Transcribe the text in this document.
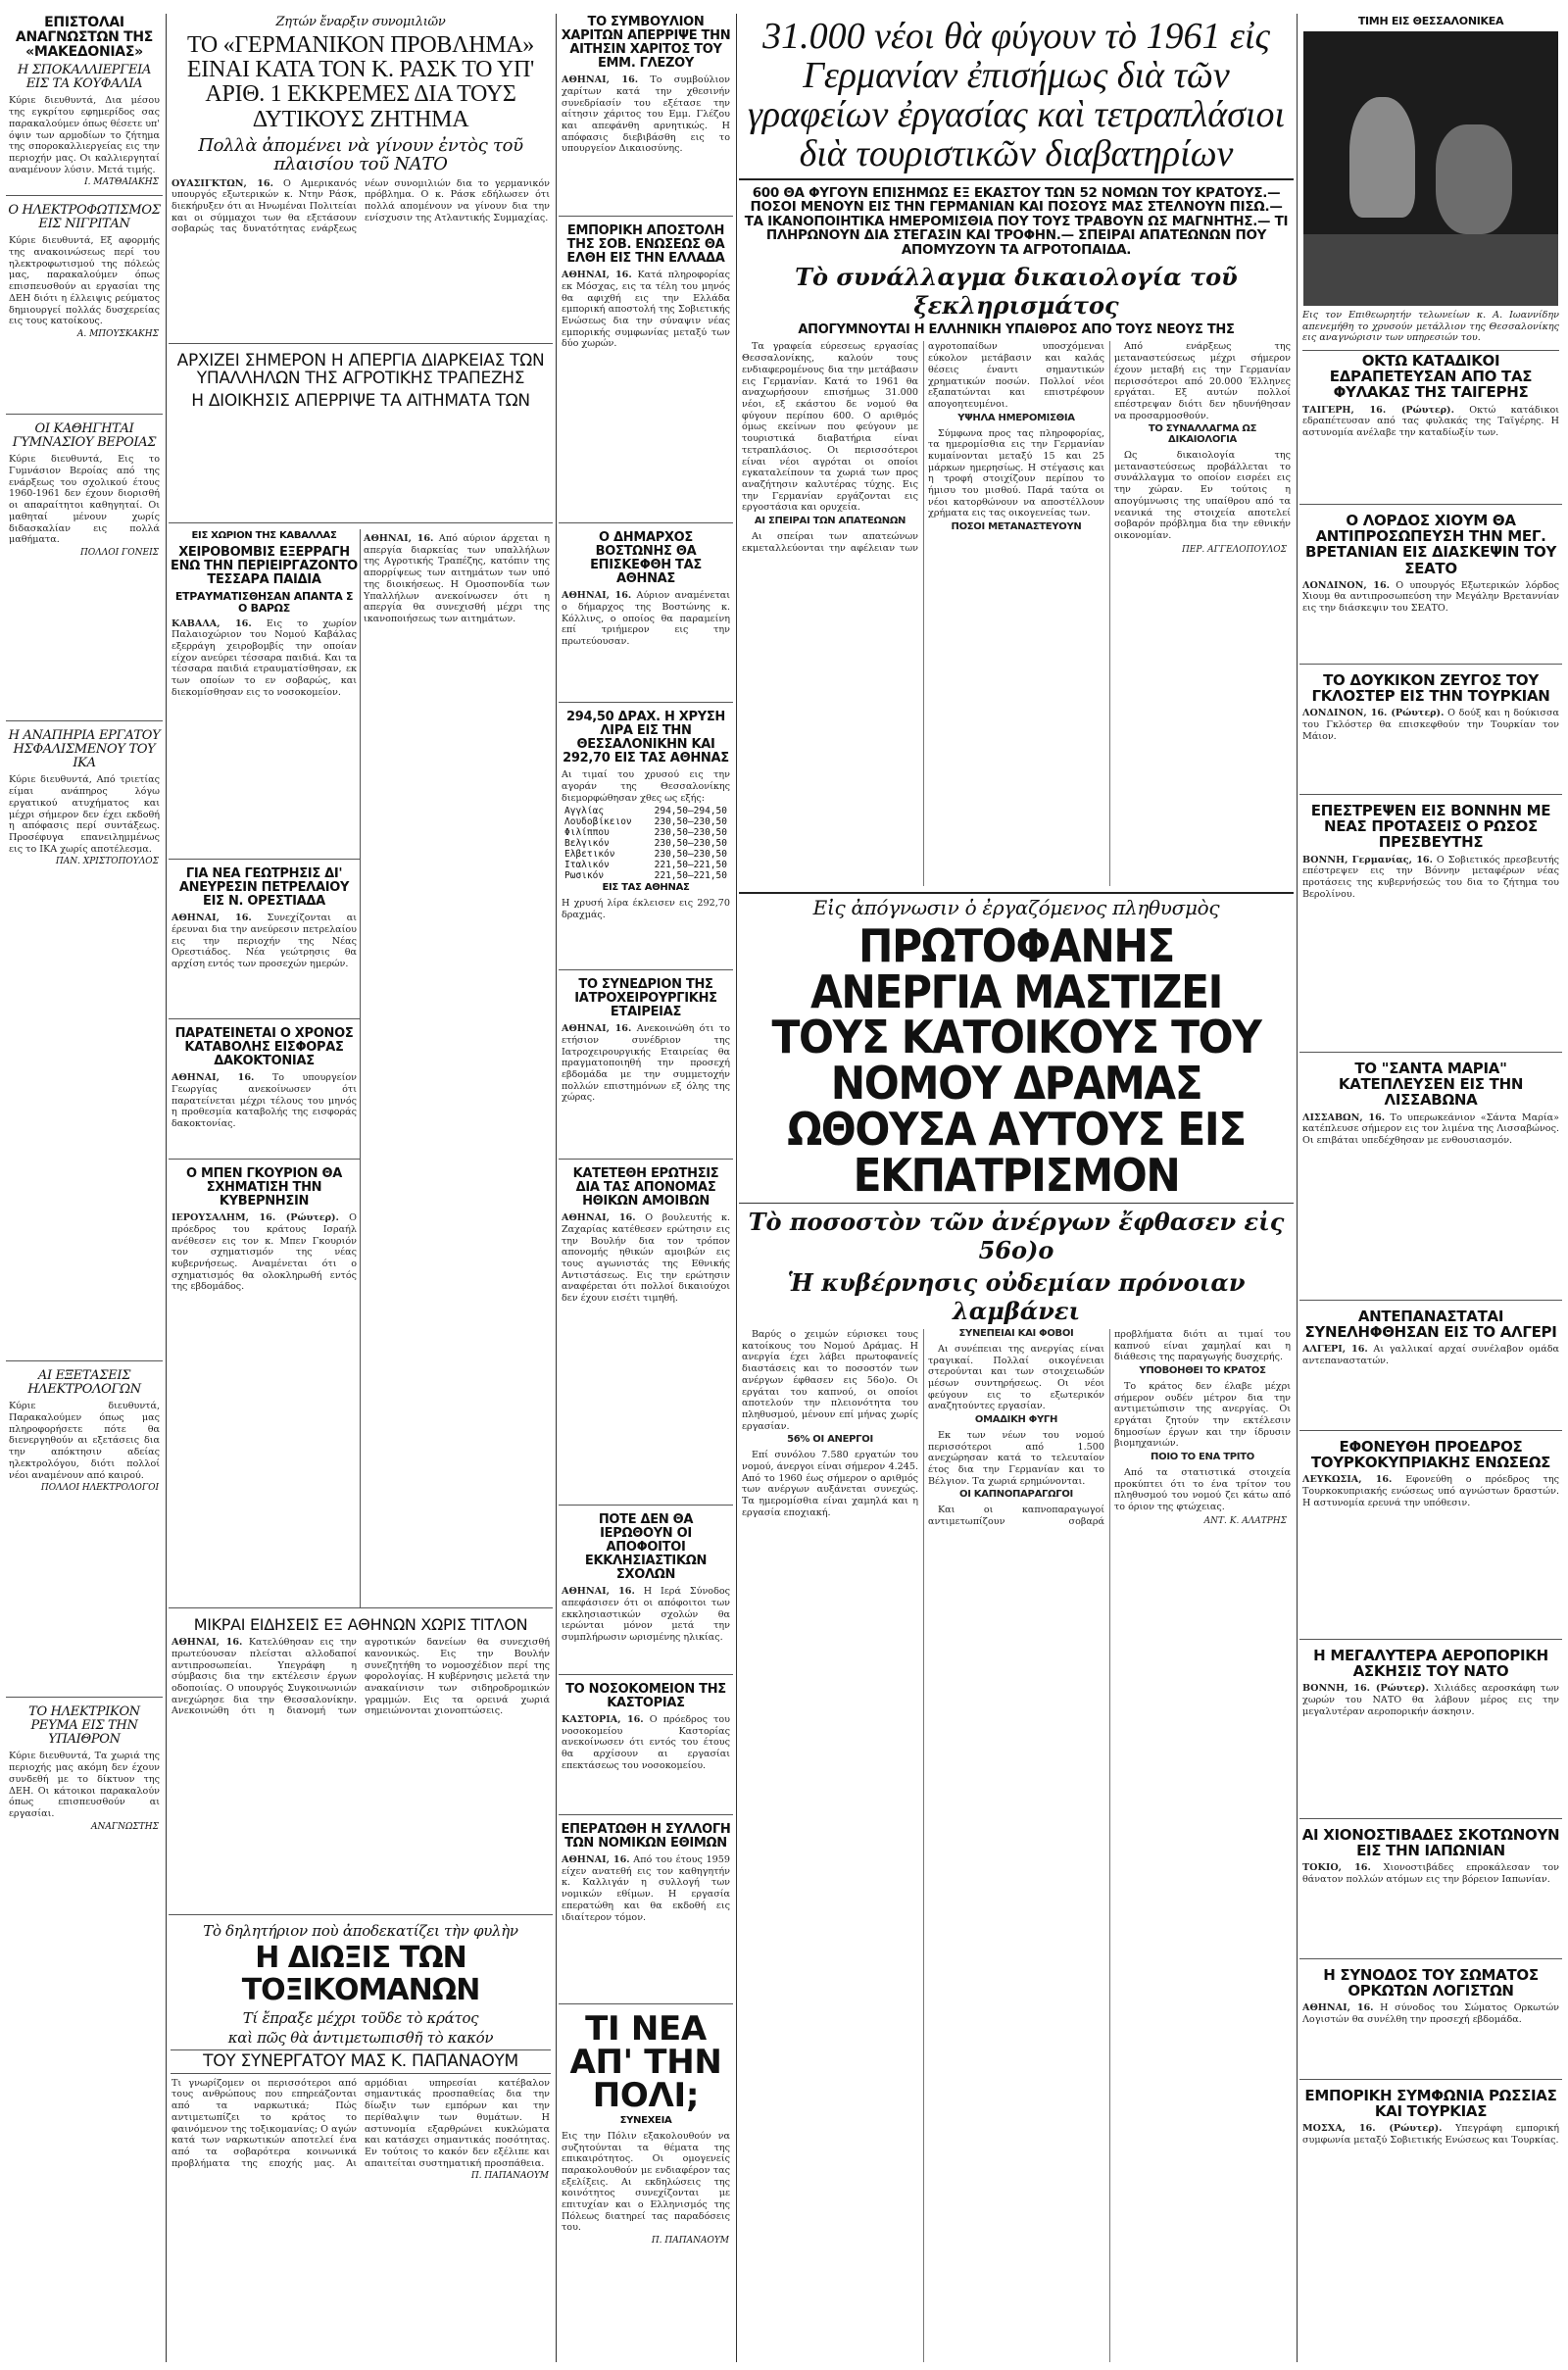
ΕΠΙΣΤΟΛΑΙ ΑΝΑΓΝΩΣΤΩΝ ΤΗΣ «ΜΑΚΕΔΟΝΙΑΣ»
Η ΣΠΟΚΑΛΛΙΕΡΓΕΙΑ ΕΙΣ ΤΑ ΚΟΥΦΑΛΙΑ
Κύριε διευθυντά, Δια μέσου της εγκρίτου εφημερίδος σας παρακαλούμεν όπως θέσετε υπ' όψιν των αρμοδίων το ζήτημα της σποροκαλλιεργείας εις την περιοχήν μας. Οι καλλιεργηταί αναμένουν λύσιν. Μετά τιμής.
Ι. ΜΑΤΘΑΙΑΚΗΣ
Ο ΗΛΕΚΤΡΟΦΩΤΙΣΜΟΣ ΕΙΣ ΝΙΓΡΙΤΑΝ
Κύριε διευθυντά, Εξ αφορμής της ανακοινώσεως περί του ηλεκτροφωτισμού της πόλεώς μας, παρακαλούμεν όπως επισπευσθούν αι εργασίαι της ΔΕΗ διότι η έλλειψις ρεύματος δημιουργεί πολλάς δυσχερείας εις τους κατοίκους.
Α. ΜΠΟΥΣΚΑΚΗΣ
ΟΙ ΚΑΘΗΓΗΤΑΙ ΓΥΜΝΑΣΙΟΥ ΒΕΡΟΙΑΣ
Κύριε διευθυντά, Εις το Γυμνάσιον Βεροίας από της ενάρξεως του σχολικού έτους 1960-1961 δεν έχουν διορισθή οι απαραίτητοι καθηγηταί. Οι μαθηταί μένουν χωρίς διδασκαλίαν εις πολλά μαθήματα.
ΠΟΛΛΟΙ ΓΟΝΕΙΣ
Η ΑΝΑΠΗΡΙΑ ΕΡΓΑΤΟΥ ΗΣΦΑΛΙΣΜΕΝΟΥ ΤΟΥ ΙΚΑ
Κύριε διευθυντά, Από τριετίας είμαι ανάπηρος λόγω εργατικού ατυχήματος και μέχρι σήμερον δεν έχει εκδοθή η απόφασις περί συντάξεως. Προσέφυγα επανειλημμένως εις το ΙΚΑ χωρίς αποτέλεσμα.
ΠΑΝ. ΧΡΙΣΤΟΠΟΥΛΟΣ
ΑΙ ΕΞΕΤΑΣΕΙΣ ΗΛΕΚΤΡΟΛΟΓΩΝ
Κύριε διευθυντά, Παρακαλούμεν όπως μας πληροφορήσετε πότε θα διενεργηθούν αι εξετάσεις δια την απόκτησιν αδείας ηλεκτρολόγου, διότι πολλοί νέοι αναμένουν από καιρού.
ΠΟΛΛΟΙ ΗΛΕΚΤΡΟΛΟΓΟΙ
ΤΟ ΗΛΕΚΤΡΙΚΟΝ ΡΕΥΜΑ ΕΙΣ ΤΗΝ ΥΠΑΙΘΡΟΝ
Κύριε διευθυντά, Τα χωριά της περιοχής μας ακόμη δεν έχουν συνδεθή με το δίκτυον της ΔΕΗ. Οι κάτοικοι παρακαλούν όπως επισπευσθούν αι εργασίαι.
ΑΝΑΓΝΩΣΤΗΣ
Ζητών ἔναρξιν συνομιλιῶν
ΤΟ «ΓΕΡΜΑΝΙΚΟΝ ΠΡΟΒΛΗΜΑ» ΕΙΝΑΙ ΚΑΤΑ ΤΟΝ Κ. ΡΑΣΚ ΤΟ ΥΠ' ΑΡΙΘ. 1 ΕΚΚΡΕΜΕΣ ΔΙΑ ΤΟΥΣ ΔΥΤΙΚΟΥΣ ΖΗΤΗΜΑ
Πολλὰ ἀπομένει νὰ γίνουν ἐντὸς τοῦ πλαισίου τοῦ ΝΑΤΟ
ΟΥΑΣΙΓΚΤΩΝ, 16. Ο Αμερικανός υπουργός εξωτερικών κ. Ντην Ράσκ, διεκήρυξεν ότι αι Ηνωμέναι Πολιτείαι και οι σύμμαχοι των θα εξετάσουν σοβαρώς τας δυνατότητας ενάρξεως νέων συνομιλιών δια το γερμανικόν πρόβλημα. Ο κ. Ράσκ εδήλωσεν ότι πολλά απομένουν να γίνουν δια την ενίσχυσιν της Ατλαντικής Συμμαχίας.
ΑΡΧΙΖΕΙ ΣΗΜΕΡΟΝ Η ΑΠΕΡΓΙΑ ΔΙΑΡΚΕΙΑΣ ΤΩΝ ΥΠΑΛΛΗΛΩΝ ΤΗΣ ΑΓΡΟΤΙΚΗΣ ΤΡΑΠΕΖΗΣ
Η ΔΙΟΙΚΗΣΙΣ ΑΠΕΡΡΙΨΕ ΤΑ ΑΙΤΗΜΑΤΑ ΤΩΝ
ΕΙΣ ΧΩΡΙΟΝ ΤΗΣ ΚΑΒΑΛΛΑΣ
ΧΕΙΡΟΒΟΜΒΙΣ ΕΞΕΡΡΑΓΗ ΕΝΩ ΤΗΝ ΠΕΡΙΕΙΡΓΑΖΟΝΤΟ ΤΕΣΣΑΡΑ ΠΑΙΔΙΑ
ΕΤΡΑΥΜΑΤΙΣΘΗΣΑΝ ΑΠΑΝΤΑ Σ Ο ΒΑΡΩΣ
ΚΑΒΑΛΑ, 16. Εις το χωρίον Παλαιοχώριον του Νομού Καβάλας εξερράγη χειροβομβίς την οποίαν είχον ανεύρει τέσσαρα παιδιά. Και τα τέσσαρα παιδιά ετραυματίσθησαν, εκ των οποίων το εν σοβαρώς, και διεκομίσθησαν εις το νοσοκομείον.
ΓΙΑ ΝΕΑ ΓΕΩΤΡΗΣΙΣ ΔΙ' ΑΝΕΥΡΕΣΙΝ ΠΕΤΡΕΛΑΙΟΥ ΕΙΣ Ν. ΟΡΕΣΤΙΑΔΑ
ΑΘΗΝΑΙ, 16. Συνεχίζονται αι έρευναι δια την ανεύρεσιν πετρελαίου εις την περιοχήν της Νέας Ορεστιάδος. Νέα γεώτρησις θα αρχίση εντός των προσεχών ημερών.
ΠΑΡΑΤΕΙΝΕΤΑΙ Ο ΧΡΟΝΟΣ ΚΑΤΑΒΟΛΗΣ ΕΙΣΦΟΡΑΣ ΔΑΚΟΚΤΟΝΙΑΣ
ΑΘΗΝΑΙ, 16. Το υπουργείον Γεωργίας ανεκοίνωσεν ότι παρατείνεται μέχρι τέλους του μηνός η προθεσμία καταβολής της εισφοράς δακοκτονίας.
Ο ΜΠΕΝ ΓΚΟΥΡΙΟΝ ΘΑ ΣΧΗΜΑΤΙΣΗ ΤΗΝ ΚΥΒΕΡΝΗΣΙΝ
ΙΕΡΟΥΣΑΛΗΜ, 16. (Ρώυτερ). Ο πρόεδρος του κράτους Ισραήλ ανέθεσεν εις τον κ. Μπεν Γκουριόν τον σχηματισμόν της νέας κυβερνήσεως. Αναμένεται ότι ο σχηματισμός θα ολοκληρωθή εντός της εβδομάδος.
ΑΘΗΝΑΙ, 16. Από αύριον άρχεται η απεργία διαρκείας των υπαλλήλων της Αγροτικής Τραπέζης, κατόπιν της απορρίψεως των αιτημάτων των υπό της διοικήσεως. Η Ομοσπονδία των Υπαλλήλων ανεκοίνωσεν ότι η απεργία θα συνεχισθή μέχρι της ικανοποιήσεως των αιτημάτων.
ΜΙΚΡΑΙ ΕΙΔΗΣΕΙΣ ΕΞ ΑΘΗΝΩΝ ΧΩΡΙΣ ΤΙΤΛΟΝ
ΑΘΗΝΑΙ, 16. Κατελύθησαν εις την πρωτεύουσαν πλείσται αλλοδαποί αντιπροσωπείαι. Υπεγράφη η σύμβασις δια την εκτέλεσιν έργων οδοποιίας. Ο υπουργός Συγκοινωνιών ανεχώρησε δια την Θεσσαλονίκην. Ανεκοινώθη ότι η διανομή των αγροτικών δανείων θα συνεχισθή κανονικώς. Εις την Βουλήν συνεζητήθη το νομοσχέδιον περί της φορολογίας. Η κυβέρνησις μελετά την ανακαίνισιν των σιδηροδρομικών γραμμών. Εις τα ορεινά χωριά σημειώνονται χιονοπτώσεις.
Τὸ δηλητήριον ποὺ ἀποδεκατίζει τὴν φυλὴν
Η ΔΙΩΞΙΣ ΤΩΝ ΤΟΞΙΚΟΜΑΝΩΝ
Τί ἔπραξε μέχρι τοῦδε τὸ κράτος
καὶ πῶς θὰ ἀντιμετωπισθῆ τὸ κακόν
ΤΟΥ ΣΥΝΕΡΓΑΤΟΥ ΜΑΣ Κ. ΠΑΠΑΝΑΟΥΜ
Τι γνωρίζομεν οι περισσότεροι από τους ανθρώπους που επηρεάζονται από τα ναρκωτικά; Πώς αντιμετωπίζει το κράτος το φαινόμενον της τοξικομανίας; Ο αγών κατά των ναρκωτικών αποτελεί ένα από τα σοβαρότερα κοινωνικά προβλήματα της εποχής μας. Αι αρμόδιαι υπηρεσίαι κατέβαλον σημαντικάς προσπαθείας δια την δίωξιν των εμπόρων και την περίθαλψιν των θυμάτων. Η αστυνομία εξαρθρώνει κυκλώματα και κατάσχει σημαντικάς ποσότητας. Εν τούτοις το κακόν δεν εξέλιπε και απαιτείται συστηματική προσπάθεια.
Π. ΠΑΠΑΝΑΟΥΜ
ΤΟ ΣΥΜΒΟΥΛΙΟΝ ΧΑΡΙΤΩΝ ΑΠΕΡΡΙΨΕ ΤΗΝ ΑΙΤΗΣΙΝ ΧΑΡΙΤΟΣ ΤΟΥ ΕΜΜ. ΓΛΕΖΟΥ
ΑΘΗΝΑΙ, 16. Το συμβούλιον χαρίτων κατά την χθεσινήν συνεδρίασίν του εξέτασε την αίτησιν χάριτος του Εμμ. Γλέζου και απεφάνθη αρνητικώς. Η απόφασις διεβιβάσθη εις το υπουργείον Δικαιοσύνης.
ΕΜΠΟΡΙΚΗ ΑΠΟΣΤΟΛΗ ΤΗΣ ΣΟΒ. ΕΝΩΣΕΩΣ ΘΑ ΕΛΘΗ ΕΙΣ ΤΗΝ ΕΛΛΑΔΑ
ΑΘΗΝΑΙ, 16. Κατά πληροφορίας εκ Μόσχας, εις τα τέλη του μηνός θα αφιχθή εις την Ελλάδα εμπορική αποστολή της Σοβιετικής Ενώσεως δια την σύναψιν νέας εμπορικής συμφωνίας μεταξύ των δύο χωρών.
Ο ΔΗΜΑΡΧΟΣ ΒΟΣΤΩΝΗΣ ΘΑ ΕΠΙΣΚΕΦΘΗ ΤΑΣ ΑΘΗΝΑΣ
ΑΘΗΝΑΙ, 16. Αύριον αναμένεται ο δήμαρχος της Βοστώνης κ. Κόλλινς, ο οποίος θα παραμείνη επί τριήμερον εις την πρωτεύουσαν.
294,50 ΔΡΑΧ. Η ΧΡΥΣΗ ΛΙΡΑ ΕΙΣ ΤΗΝ ΘΕΣΣΑΛΟΝΙΚΗΝ ΚΑΙ 292,70 ΕΙΣ ΤΑΣ ΑΘΗΝΑΣ
Αι τιμαί του χρυσού εις την αγοράν της Θεσσαλονίκης διεμορφώθησαν χθες ως εξής:
Αγγλίας	294,50—294,50
Λουδοβίκειον 230,50—230,50
Φιλίππου	230,50—230,50
Βελγικόν	230,50—230,50
Ελβετικόν	230,50—230,50
Ιταλικόν	221,50—221,50
Ρωσικόν	221,50—221,50
ΕΙΣ ΤΑΣ ΑΘΗΝΑΣ
Η χρυσή λίρα έκλεισεν εις 292,70 δραχμάς.
ΤΟ ΣΥΝΕΔΡΙΟΝ ΤΗΣ ΙΑΤΡΟΧΕΙΡΟΥΡΓΙΚΗΣ ΕΤΑΙΡΕΙΑΣ
ΑΘΗΝΑΙ, 16. Ανεκοινώθη ότι το ετήσιον συνέδριον της Ιατροχειρουργικής Εταιρείας θα πραγματοποιηθή την προσεχή εβδομάδα με την συμμετοχήν πολλών επιστημόνων εξ όλης της χώρας.
ΚΑΤΕΤΕΘΗ ΕΡΩΤΗΣΙΣ ΔΙΑ ΤΑΣ ΑΠΟΝΟΜΑΣ ΗΘΙΚΩΝ ΑΜΟΙΒΩΝ
ΑΘΗΝΑΙ, 16. Ο βουλευτής κ. Ζαχαρίας κατέθεσεν ερώτησιν εις την Βουλήν δια τον τρόπον απονομής ηθικών αμοιβών εις τους αγωνιστάς της Εθνικής Αντιστάσεως. Εις την ερώτησιν αναφέρεται ότι πολλοί δικαιούχοι δεν έχουν εισέτι τιμηθή.
ΠΟΤΕ ΔΕΝ ΘΑ ΙΕΡΩΘΟΥΝ ΟΙ ΑΠΟΦΟΙΤΟΙ ΕΚΚΛΗΣΙΑΣΤΙΚΩΝ ΣΧΟΛΩΝ
ΑΘΗΝΑΙ, 16. Η Ιερά Σύνοδος απεφάσισεν ότι οι απόφοιτοι των εκκλησιαστικών σχολών θα ιερώνται μόνον μετά την συμπλήρωσιν ωρισμένης ηλικίας.
ΤΟ ΝΟΣΟΚΟΜΕΙΟΝ ΤΗΣ ΚΑΣΤΟΡΙΑΣ
ΚΑΣΤΟΡΙΑ, 16. Ο πρόεδρος του νοσοκομείου Καστορίας ανεκοίνωσεν ότι εντός του έτους θα αρχίσουν αι εργασίαι επεκτάσεως του νοσοκομείου.
ΕΠΕΡΑΤΩΘΗ Η ΣΥΛΛΟΓΗ ΤΩΝ ΝΟΜΙΚΩΝ ΕΘΙΜΩΝ
ΑΘΗΝΑΙ, 16. Από του έτους 1959 είχεν ανατεθή εις τον καθηγητήν κ. Καλλιγάν η συλλογή των νομικών εθίμων. Η εργασία επερατώθη και θα εκδοθή εις ιδιαίτερον τόμον.
ΤΙ ΝΕΑ ΑΠ' ΤΗΝ ΠΟΛΙ;
ΣΥΝΕΧΕΙΑ
Εις την Πόλιν εξακολουθούν να συζητούνται τα θέματα της επικαιρότητος. Οι ομογενείς παρακολουθούν με ενδιαφέρον τας εξελίξεις. Αι εκδηλώσεις της κοινότητος συνεχίζονται με επιτυχίαν και ο Ελληνισμός της Πόλεως διατηρεί τας παραδόσεις του.
Π. ΠΑΠΑΝΑΟΥΜ
31.000 νέοι θὰ φύγουν τὸ 1961 εἰς Γερμανίαν ἐπισήμως διὰ τῶν γραφείων ἐργασίας καὶ τετραπλάσιοι διὰ τουριστικῶν διαβατηρίων
600 ΘΑ ΦΥΓΟΥΝ ΕΠΙΣΗΜΩΣ ΕΞ ΕΚΑΣΤΟΥ ΤΩΝ 52 ΝΟΜΩΝ ΤΟΥ ΚΡΑΤΟΥΣ.— ΠΟΣΟΙ ΜΕΝΟΥΝ ΕΙΣ ΤΗΝ ΓΕΡΜΑΝΙΑΝ ΚΑΙ ΠΟΣΟΥΣ ΜΑΣ ΣΤΕΛΝΟΥΝ ΠΙΣΩ.— ΤΑ ΙΚΑΝΟΠΟΙΗΤΙΚΑ ΗΜΕΡΟΜΙΣΘΙΑ ΠΟΥ ΤΟΥΣ ΤΡΑΒΟΥΝ ΩΣ ΜΑΓΝΗΤΗΣ.— ΤΙ ΠΛΗΡΩΝΟΥΝ ΔΙΑ ΣΤΕΓΑΣΙΝ ΚΑΙ ΤΡΟΦΗΝ.— ΣΠΕΙΡΑΙ ΑΠΑΤΕΩΝΩΝ ΠΟΥ ΑΠΟΜΥΖΟΥΝ ΤΑ ΑΓΡΟΤΟΠΑΙΔΑ.
Τὸ συνάλλαγμα δικαιολογία τοῦ ξεκληρισμάτος
ΑΠΟΓΥΜΝΟΥΤΑΙ Η ΕΛΛΗΝΙΚΗ ΥΠΑΙΘΡΟΣ ΑΠΟ ΤΟΥΣ ΝΕΟΥΣ ΤΗΣ

Τα γραφεία εύρεσεως εργασίας Θεσσαλονίκης, καλούν τους ενδιαφερομένους δια την μετάβασιν εις Γερμανίαν. Κατά το 1961 θα αναχωρήσουν επισήμως 31.000 νέοι, εξ εκάστου δε νομού θα φύγουν περίπου 600. Ο αριθμός όμως εκείνων που φεύγουν με τουριστικά διαβατήρια είναι τετραπλάσιος. Οι περισσότεροι είναι νέοι αγρόται οι οποίοι εγκαταλείπουν τα χωριά των προς αναζήτησιν καλυτέρας τύχης. Εις την Γερμανίαν εργάζονται εις εργοστάσια και ορυχεία.

ΑΙ ΣΠΕΙΡΑΙ ΤΩΝ ΑΠΑΤΕΩΝΩΝ

Αι σπείραι των απατεώνων εκμεταλλεύονται την αφέλειαν των αγροτοπαίδων υποσχόμεναι εύκολον μετάβασιν και καλάς θέσεις έναντι σημαντικών χρηματικών ποσών. Πολλοί νέοι εξαπατώνται και επιστρέφουν απογοητευμένοι.

ΥΨΗΛΑ ΗΜΕΡΟΜΙΣΘΙΑ

Σύμφωνα προς τας πληροφορίας, τα ημερομίσθια εις την Γερμανίαν κυμαίνονται μεταξύ 15 και 25 μάρκων ημερησίως. Η στέγασις και η τροφή στοιχίζουν περίπου το ήμισυ του μισθού. Παρά ταύτα οι νέοι κατορθώνουν να αποστέλλουν χρήματα εις τας οικογενείας των.

ΠΟΣΟΙ ΜΕΤΑΝΑΣΤΕΥΟΥΝ

Από ενάρξεως της μεταναστεύσεως μέχρι σήμερον έχουν μεταβή εις την Γερμανίαν περισσότεροι από 20.000 Έλληνες εργάται. Εξ αυτών πολλοί επέστρεψαν διότι δεν ηδυνήθησαν να προσαρμοσθούν.

ΤΟ ΣΥΝΑΛΛΑΓΜΑ ΩΣ ΔΙΚΑΙΟΛΟΓΙΑ

Ως δικαιολογία της μεταναστεύσεως προβάλλεται το συνάλλαγμα το οποίον εισρέει εις την χώραν. Εν τούτοις η απογύμνωσις της υπαίθρου από τα νεανικά της στοιχεία αποτελεί σοβαρόν πρόβλημα δια την εθνικήν οικονομίαν.

ΠΕΡ. ΑΓΓΕΛΟΠΟΥΛΟΣ
Εἰς ἀπόγνωσιν ὁ ἐργαζόμενος πληθυσμὸς
ΠΡΩΤΟΦΑΝΗΣ ΑΝΕΡΓΙΑ ΜΑΣΤΙΖΕΙ ΤΟΥΣ ΚΑΤΟΙΚΟΥΣ ΤΟΥ ΝΟΜΟΥ ΔΡΑΜΑΣ ΩΘΟΥΣΑ ΑΥΤΟΥΣ ΕΙΣ ΕΚΠΑΤΡΙΣΜΟΝ
Τὸ ποσοστὸν τῶν ἀνέργων ἔφθασεν εἰς 56ο)ο
Ἡ κυβέρνησις οὐδεμίαν πρόνοιαν λαμβάνει

Βαρύς ο χειμών εύρισκει τους κατοίκους του Νομού Δράμας. Η ανεργία έχει λάβει πρωτοφανείς διαστάσεις και το ποσοστόν των ανέργων έφθασεν εις 56ο)ο. Οι εργάται του καπνού, οι οποίοι αποτελούν την πλειονότητα του πληθυσμού, μένουν επί μήνας χωρίς εργασίαν.

56% ΟΙ ΑΝΕΡΓΟΙ

Επί συνόλου 7.580 εργατών του νομού, άνεργοι είναι σήμερον 4.245. Από το 1960 έως σήμερον ο αριθμός των ανέργων αυξάνεται συνεχώς. Τα ημερομίσθια είναι χαμηλά και η εργασία εποχιακή.

ΣΥΝΕΠΕΙΑΙ ΚΑΙ ΦΟΒΟΙ

Αι συνέπειαι της ανεργίας είναι τραγικαί. Πολλαί οικογένειαι στερούνται και των στοιχειωδών μέσων συντηρήσεως. Οι νέοι φεύγουν εις το εξωτερικόν αναζητούντες εργασίαν.

ΟΜΑΔΙΚΗ ΦΥΓΗ

Εκ των νέων του νομού περισσότεροι από 1.500 ανεχώρησαν κατά το τελευταίον έτος δια την Γερμανίαν και το Βέλγιον. Τα χωριά ερημώνονται.

ΟΙ ΚΑΠΝΟΠΑΡΑΓΩΓΟΙ

Και οι καπνοπαραγωγοί αντιμετωπίζουν σοβαρά προβλήματα διότι αι τιμαί του καπνού είναι χαμηλαί και η διάθεσις της παραγωγής δυσχερής.

ΥΠΟΒΟΗΘΕΙ ΤΟ ΚΡΑΤΟΣ

Το κράτος δεν έλαβε μέχρι σήμερον ουδέν μέτρον δια την αντιμετώπισιν της ανεργίας. Οι εργάται ζητούν την εκτέλεσιν δημοσίων έργων και την ίδρυσιν βιομηχανιών.

ΠΟΙΟ ΤΟ ΕΝΑ ΤΡΙΤΟ

Από τα στατιστικά στοιχεία προκύπτει ότι το ένα τρίτον του πληθυσμού του νομού ζει κάτω από το όριον της φτώχειας.

ΑΝΤ. Κ. ΑΛΑΤΡΗΣ
ΤΙΜΗ ΕΙΣ ΘΕΣΣΑΛΟΝΙΚΕΑ
Εις τον Επιθεωρητήν τελωνείων κ. Α. Ιωαννίδην απενεμήθη το χρυσούν μετάλλιον της Θεσσαλονίκης εις αναγνώρισιν των υπηρεσιών του.
ΟΚΤΩ ΚΑΤΑΔΙΚΟΙ ΕΔΡΑΠΕΤΕΥΣΑΝ ΑΠΟ ΤΑΣ ΦΥΛΑΚΑΣ ΤΗΣ ΤΑΙΓΕΡΗΣ
ΤΑΙΓΕΡΗ, 16. (Ρώυτερ). Οκτώ κατάδικοι εδραπέτευσαν από τας φυλακάς της Ταϊγέρης. Η αστυνομία ανέλαβε την καταδίωξίν των.
Ο ΛΟΡΔΟΣ ΧΙΟΥΜ ΘΑ ΑΝΤΙΠΡΟΣΩΠΕΥΣΗ ΤΗΝ ΜΕΓ. ΒΡΕΤΑΝΙΑΝ ΕΙΣ ΔΙΑΣΚΕΨΙΝ ΤΟΥ ΣΕΑΤΟ
ΛΟΝΔΙΝΟΝ, 16. Ο υπουργός Εξωτερικών λόρδος Χιουμ θα αντιπροσωπεύση την Μεγάλην Βρεταννίαν εις την διάσκεψιν του ΣΕΑΤΟ.
ΤΟ ΔΟΥΚΙΚΟΝ ΖΕΥΓΟΣ ΤΟΥ ΓΚΛΟΣΤΕΡ ΕΙΣ ΤΗΝ ΤΟΥΡΚΙΑΝ
ΛΟΝΔΙΝΟΝ, 16. (Ρώυτερ). Ο δούξ και η δούκισσα του Γκλόστερ θα επισκεφθούν την Τουρκίαν τον Μάιον.
ΕΠΕΣΤΡΕΨΕΝ ΕΙΣ ΒΟΝΝΗΝ ΜΕ ΝΕΑΣ ΠΡΟΤΑΣΕΙΣ Ο ΡΩΣΟΣ ΠΡΕΣΒΕΥΤΗΣ
ΒΟΝΝΗ, Γερμανίας, 16. Ο Σοβιετικός πρεσβευτής επέστρεψεν εις την Βόννην μεταφέρων νέας προτάσεις της κυβερνήσεώς του δια το ζήτημα του Βερολίνου.
ΤΟ "ΣΑΝΤΑ ΜΑΡΙΑ" ΚΑΤΕΠΛΕΥΣΕΝ ΕΙΣ ΤΗΝ ΛΙΣΣΑΒΩΝΑ
ΛΙΣΣΑΒΩΝ, 16. Το υπερωκεάνιον «Σάντα Μαρία» κατέπλευσε σήμερον εις τον λιμένα της Λισσαβώνος. Οι επιβάται υπεδέχθησαν με ενθουσιασμόν.
ΑΝΤΕΠΑΝΑΣΤΑΤΑΙ ΣΥΝΕΛΗΦΘΗΣΑΝ ΕΙΣ ΤΟ ΑΛΓΕΡΙ
ΑΛΓΕΡΙ, 16. Αι γαλλικαί αρχαί συνέλαβον ομάδα αντεπαναστατών.
ΕΦΟΝΕΥΘΗ ΠΡΟΕΔΡΟΣ ΤΟΥΡΚΟΚΥΠΡΙΑΚΗΣ ΕΝΩΣΕΩΣ
ΛΕΥΚΩΣΙΑ, 16. Εφονεύθη ο πρόεδρος της Τουρκοκυπριακής ενώσεως υπό αγνώστων δραστών. Η αστυνομία ερευνά την υπόθεσιν.
Η ΜΕΓΑΛΥΤΕΡΑ ΑΕΡΟΠΟΡΙΚΗ ΑΣΚΗΣΙΣ ΤΟΥ ΝΑΤΟ
ΒΟΝΝΗ, 16. (Ρώυτερ). Χιλιάδες αεροσκάφη των χωρών του ΝΑΤΟ θα λάβουν μέρος εις την μεγαλυτέραν αεροπορικήν άσκησιν.
ΑΙ ΧΙΟΝΟΣΤΙΒΑΔΕΣ ΣΚΟΤΩΝΟΥΝ ΕΙΣ ΤΗΝ ΙΑΠΩΝΙΑΝ
ΤΟΚΙΟ, 16. Χιονοστιβάδες επροκάλεσαν τον θάνατον πολλών ατόμων εις την βόρειον Ιαπωνίαν.
Η ΣΥΝΟΔΟΣ ΤΟΥ ΣΩΜΑΤΟΣ ΟΡΚΩΤΩΝ ΛΟΓΙΣΤΩΝ
ΑΘΗΝΑΙ, 16. Η σύνοδος του Σώματος Ορκωτών Λογιστών θα συνέλθη την προσεχή εβδομάδα.
ΕΜΠΟΡΙΚΗ ΣΥΜΦΩΝΙΑ ΡΩΣΣΙΑΣ ΚΑΙ ΤΟΥΡΚΙΑΣ
ΜΟΣΧΑ, 16. (Ρώυτερ). Υπεγράφη εμπορική συμφωνία μεταξύ Σοβιετικής Ενώσεως και Τουρκίας.
